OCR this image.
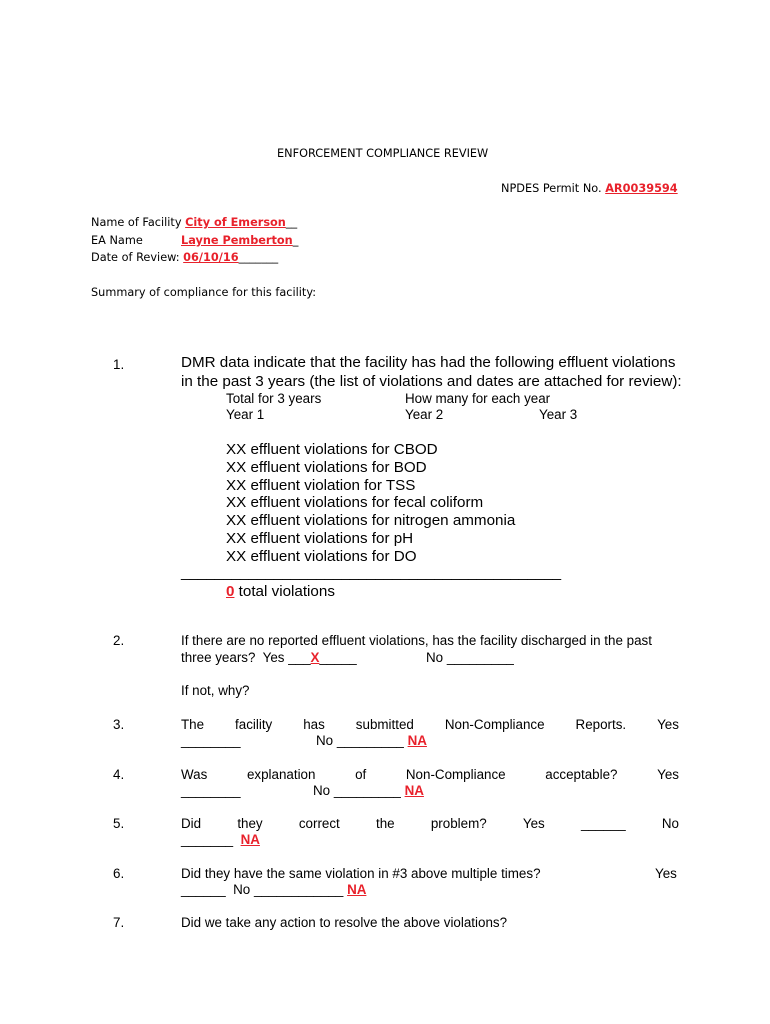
ENFORCEMENT COMPLIANCE REVIEW
NPDES Permit No. AR0039594
Name of Facility City of Emerson__
EA Name	Layne Pemberton_
Date of Review: 06/10/16_______
Summary of compliance for this facility:
1.	DMR data indicate that the facility has had the following effluent violations
in the past 3 years (the list of violations and dates are attached for review):
Total for 3 years	How many for each year
Year 1	Year 2	Year 3
XX effluent violations for CBOD
XX effluent violations for BOD
XX effluent violation for TSS
XX effluent violations for fecal coliform
XX effluent violations for nitrogen ammonia
XX effluent violations for pH
XX effluent violations for DO
_____________________________________________
0 total violations
2.	If there are no reported effluent violations, has the facility discharged in the past
three years?  Yes ___X_____	No _________
If not, why?
3.	The facility has submitted Non-Compliance Reports. Yes
________	No _________ NA
4.	Was	explanation	of	Non-Compliance	acceptable?	Yes
________	No _________ NA
5.	Did	they	correct	the	problem?	Yes	______	No
_______  NA
6.	Did they have the same violation in #3 above multiple times?	Yes
______  No ____________ NA
7.	Did we take any action to resolve the above violations?
